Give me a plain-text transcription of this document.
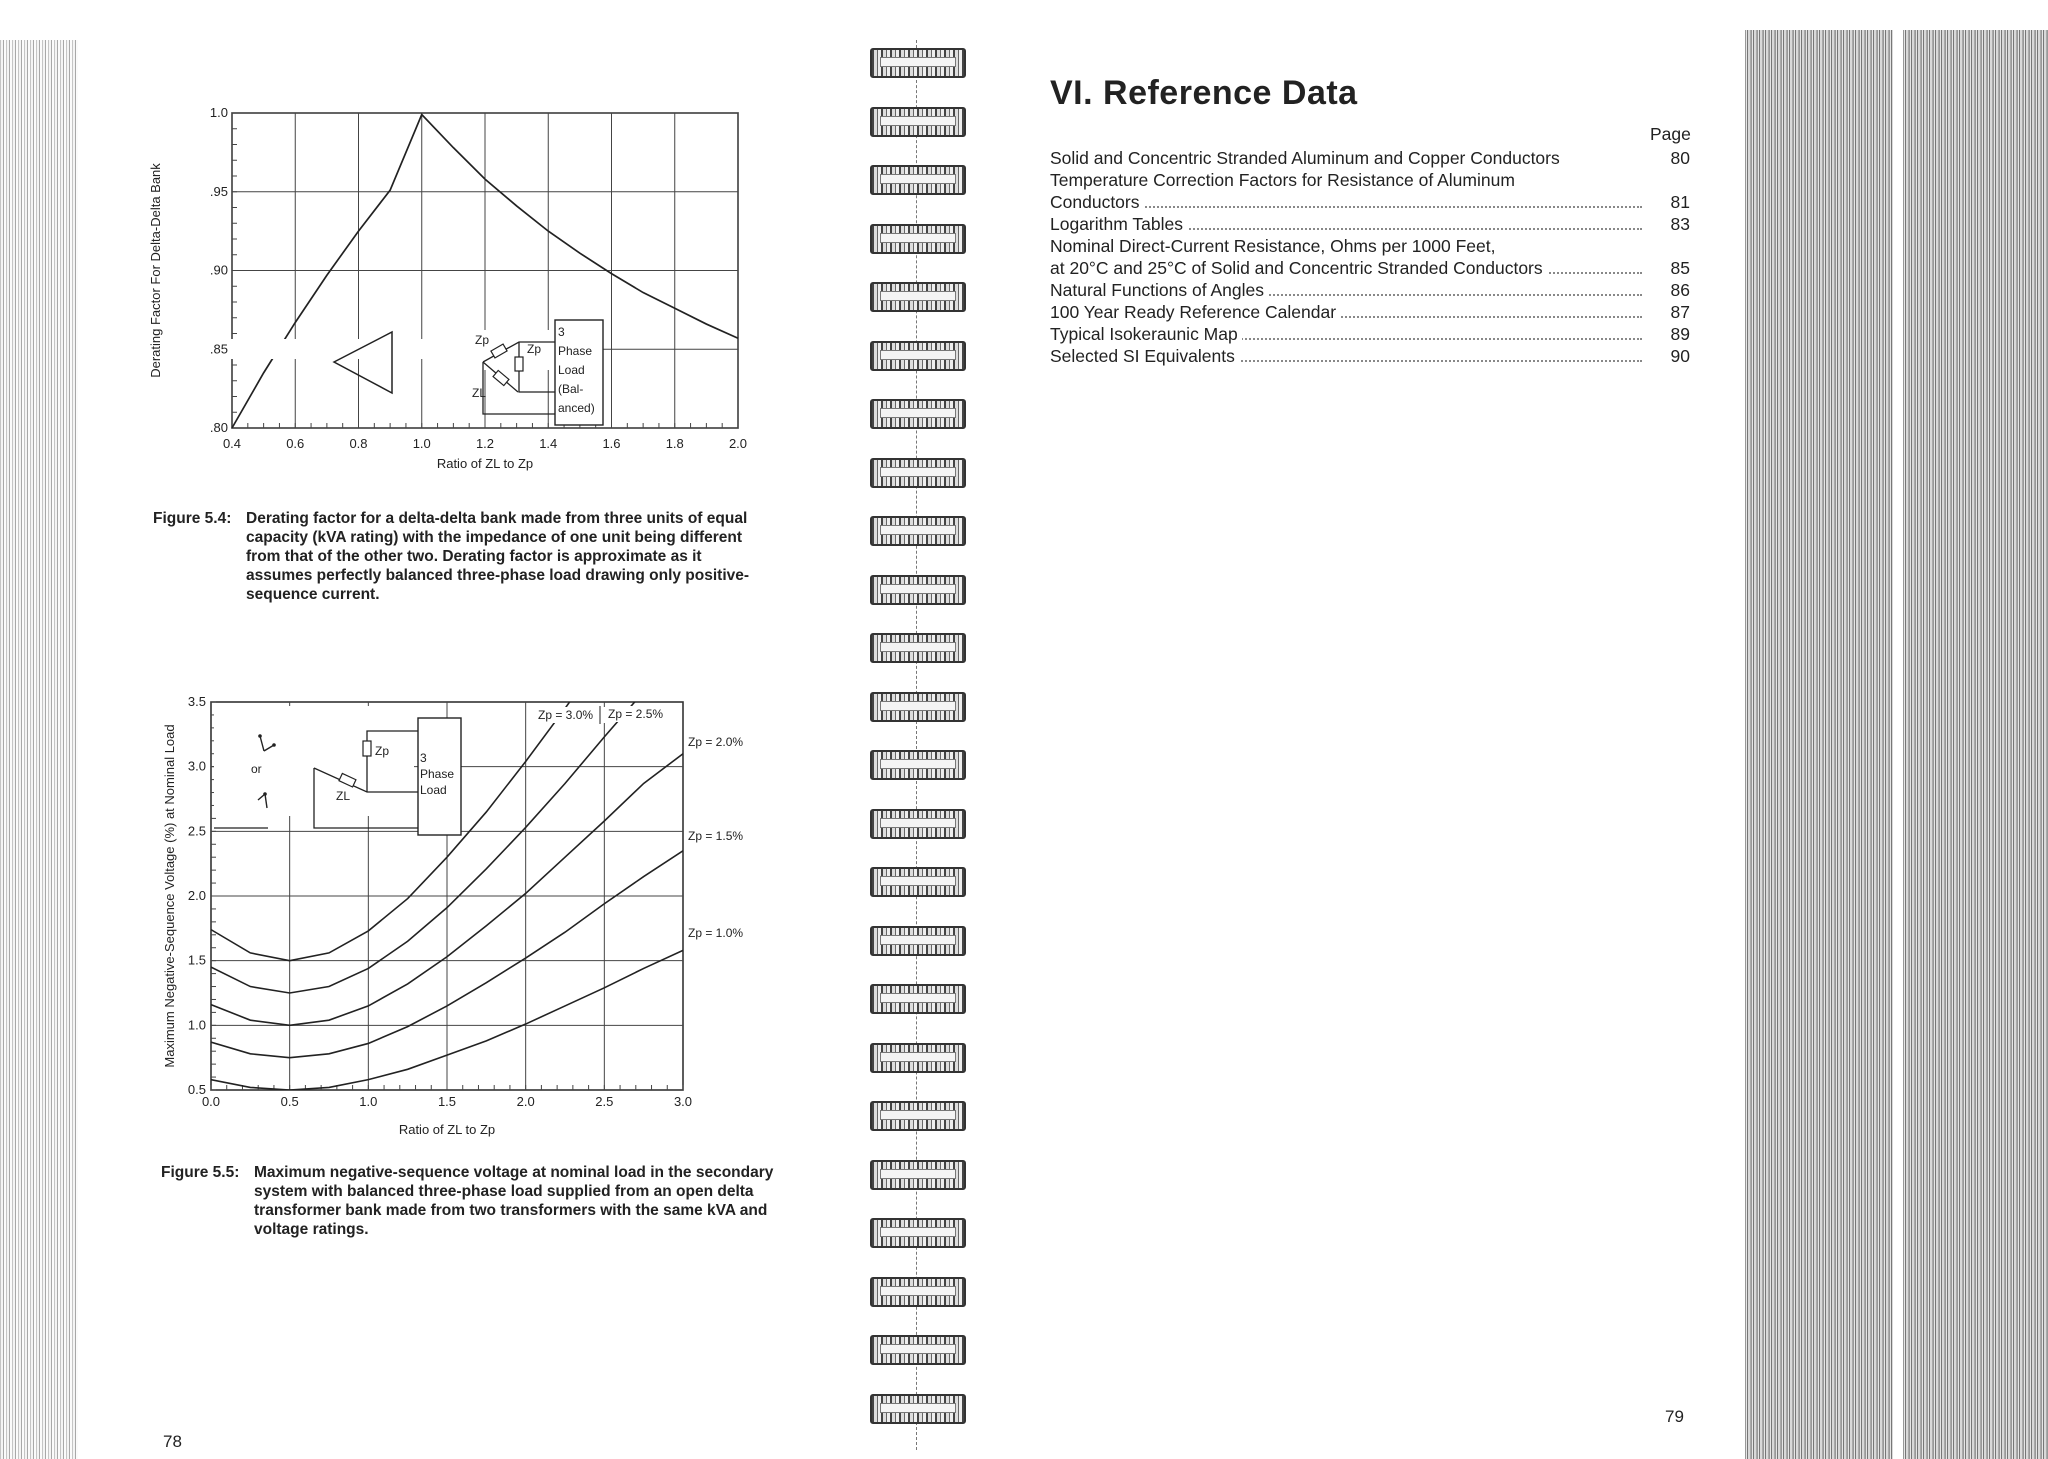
0.4	0.6	0.8	1.0	1.2	1.4	1.6	1.8	2.0
.80
.85
.90
.95
1.0
Ratio of ZL to Zp
Derating Factor For Delta-Delta Bank	Zp
Zp
ZL
3
Phase
Load
(Bal-
anced)
Figure 5.4: Derating factor for a delta-delta bank made from three units of equal capacity (kVA rating) with the impedance of one unit being different from that of the other two. Derating factor is approximate as it assumes perfectly balanced three-phase load drawing only positive-sequence current.
0.0	0.5	1.0	1.5	2.0	2.5	3.0
0.5
1.0
1.5
2.0
2.5
3.0
3.5
Ratio of ZL to Zp
Maximum Negative-Sequence Voltage (%) at Nominal Load
Zp = 3.0% Zp = 2.5%
Zp = 2.0%
Zp = 1.5%
Zp = 1.0%
or
Zp
ZL
3
Phase
Load
Figure 5.5: Maximum negative-sequence voltage at nominal load in the secondary system with balanced three-phase load supplied from an open delta transformer bank made from two transformers with the same kVA and voltage ratings.
78
VI. Reference Data
Page
Solid and Concentric Stranded Aluminum and Copper Conductors	80
Temperature Correction Factors for Resistance of Aluminum
Conductors	81
Logarithm Tables	83
Nominal Direct-Current Resistance, Ohms per 1000 Feet,
at 20°C and 25°C of Solid and Concentric Stranded Conductors	85
Natural Functions of Angles	86
100 Year Ready Reference Calendar	87
Typical Isokeraunic Map	89
Selected SI Equivalents	90
79
